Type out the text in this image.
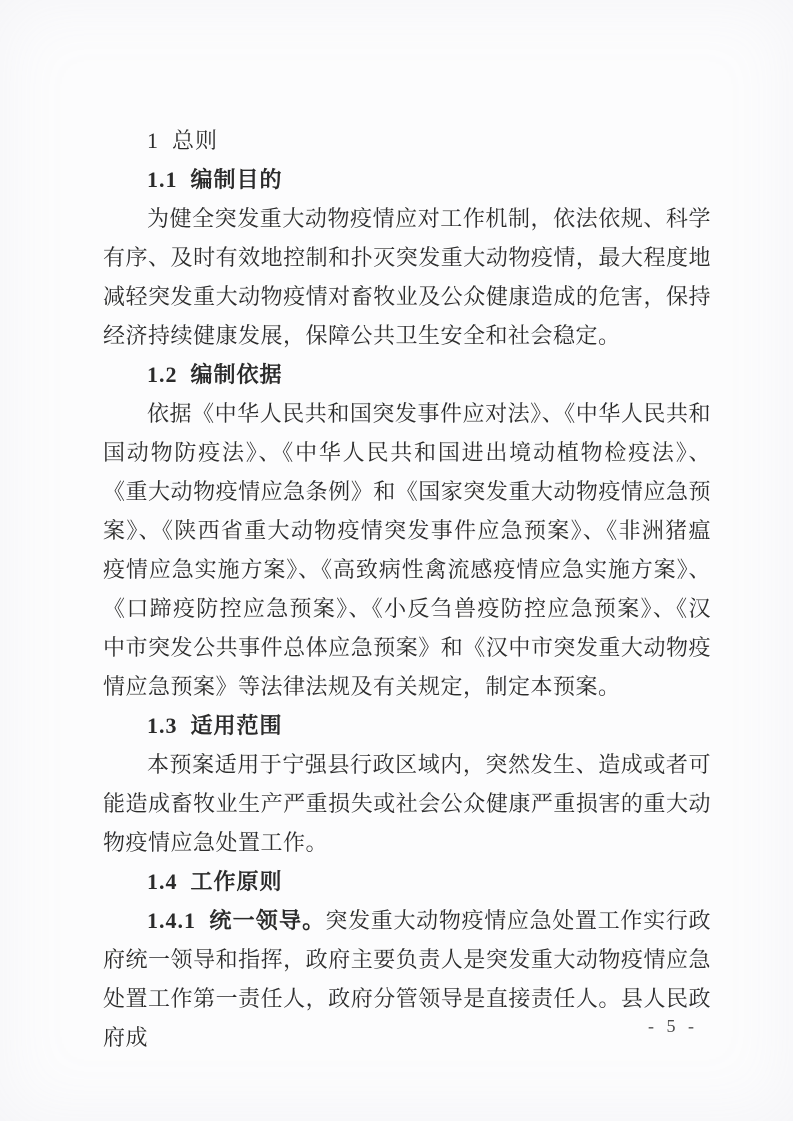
1  总则
1.1  编制目的

为健全突发重大动物疫情应对工作机制，依法依规、科学有序、及时有效地控制和扑灭突发重大动物疫情，最大程度地减轻突发重大动物疫情对畜牧业及公众健康造成的危害，保持经济持续健康发展，保障公共卫生安全和社会稳定。

1.2  编制依据

依据《中华人民共和国突发事件应对法》、《中华人民共和国动物防疫法》、《中华人民共和国进出境动植物检疫法》、《重大动物疫情应急条例》和《国家突发重大动物疫情应急预案》、《陕西省重大动物疫情突发事件应急预案》、《非洲猪瘟疫情应急实施方案》、《高致病性禽流感疫情应急实施方案》、《口蹄疫防控应急预案》、《小反刍兽疫防控应急预案》、《汉中市突发公共事件总体应急预案》和《汉中市突发重大动物疫情应急预案》等法律法规及有关规定，制定本预案。

1.3  适用范围

本预案适用于宁强县行政区域内，突然发生、造成或者可能造成畜牧业生产严重损失或社会公众健康严重损害的重大动物疫情应急处置工作。

1.4  工作原则

1.4.1  统一领导。突发重大动物疫情应急处置工作实行政府统一领导和指挥，政府主要负责人是突发重大动物疫情应急处置工作第一责任人，政府分管领导是直接责任人。县人民政府成	- 5 -
